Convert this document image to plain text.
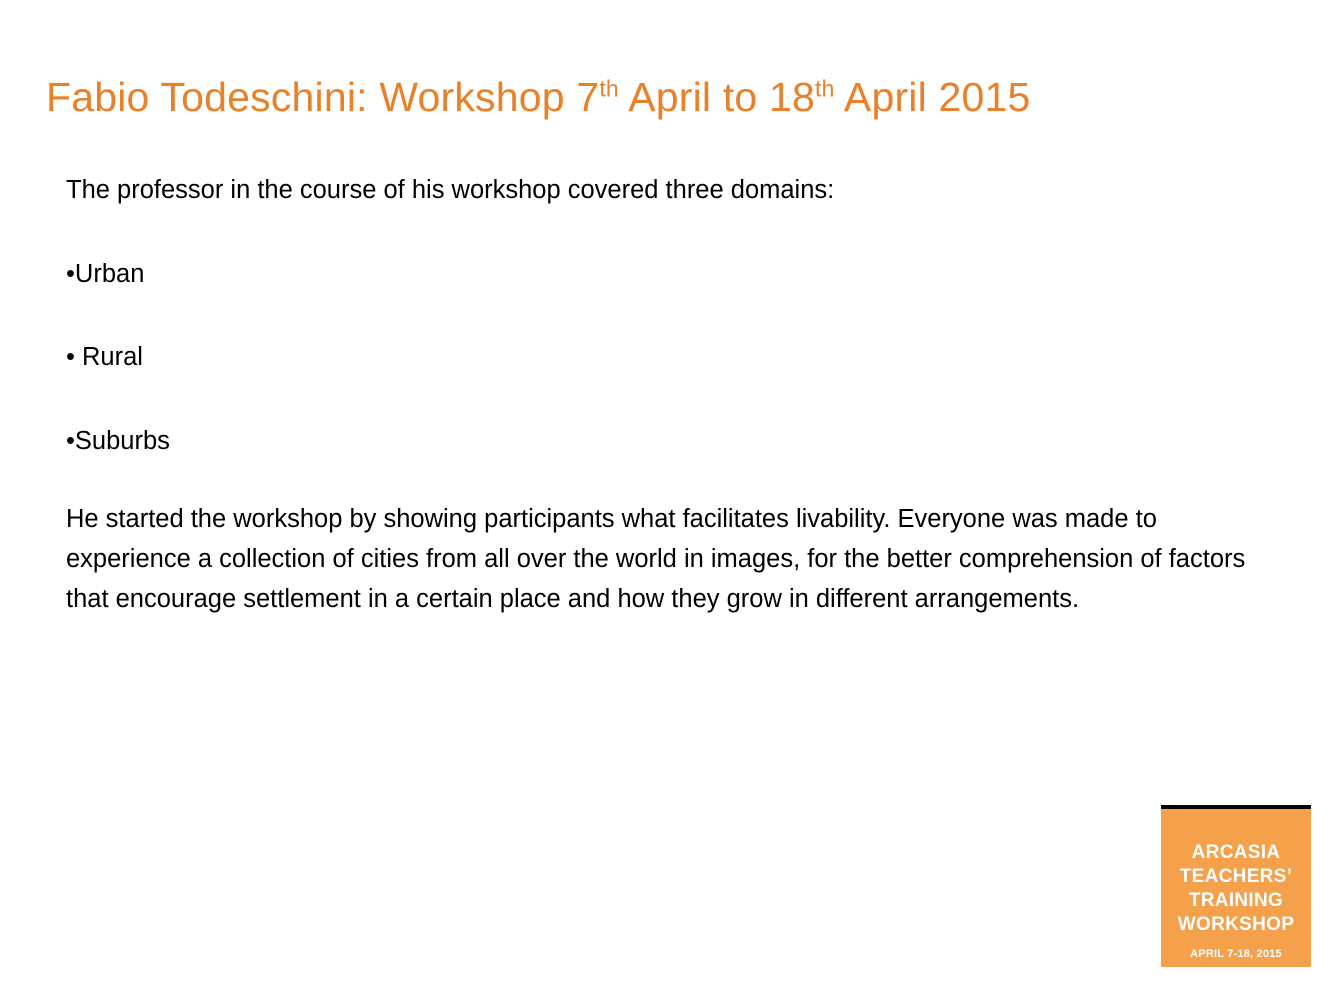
Fabio Todeschini: Workshop 7th April to 18th April 2015

The professor in the course of his workshop covered three domains:

•Urban

• Rural

•Suburbs

He started the workshop by showing participants what facilitates livability. Everyone was made to experience a collection of cities from all over the world in images, for the better comprehension of factors that encourage settlement in a certain place and how they grow in different arrangements.

ARCASIA
TEACHERS’
TRAINING
WORKSHOP
APRIL 7-18, 2015
